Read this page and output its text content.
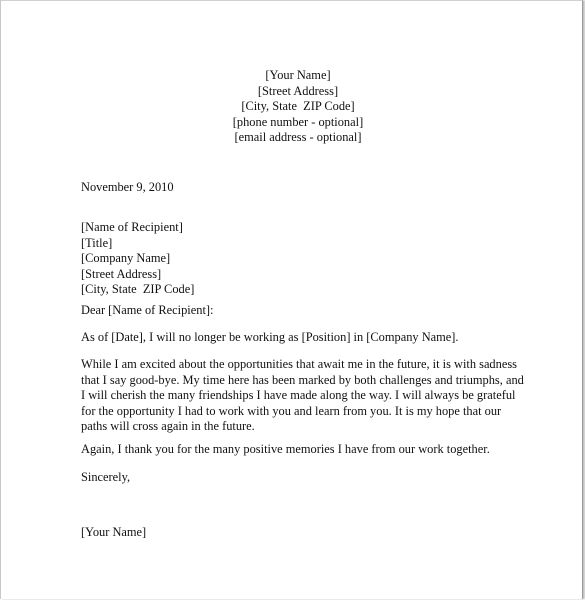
[Your Name]
[Street Address]
[City, State  ZIP Code]
[phone number - optional]
[email address - optional]
November 9, 2010
[Name of Recipient]
[Title]
[Company Name]
[Street Address]
[City, State  ZIP Code]
Dear [Name of Recipient]:
As of [Date], I will no longer be working as [Position] in [Company Name].
While I am excited about the opportunities that await me in the future, it is with sadness
that I say good-bye. My time here has been marked by both challenges and triumphs, and
I will cherish the many friendships I have made along the way. I will always be grateful
for the opportunity I had to work with you and learn from you. It is my hope that our
paths will cross again in the future.
Again, I thank you for the many positive memories I have from our work together.
Sincerely,
[Your Name]
